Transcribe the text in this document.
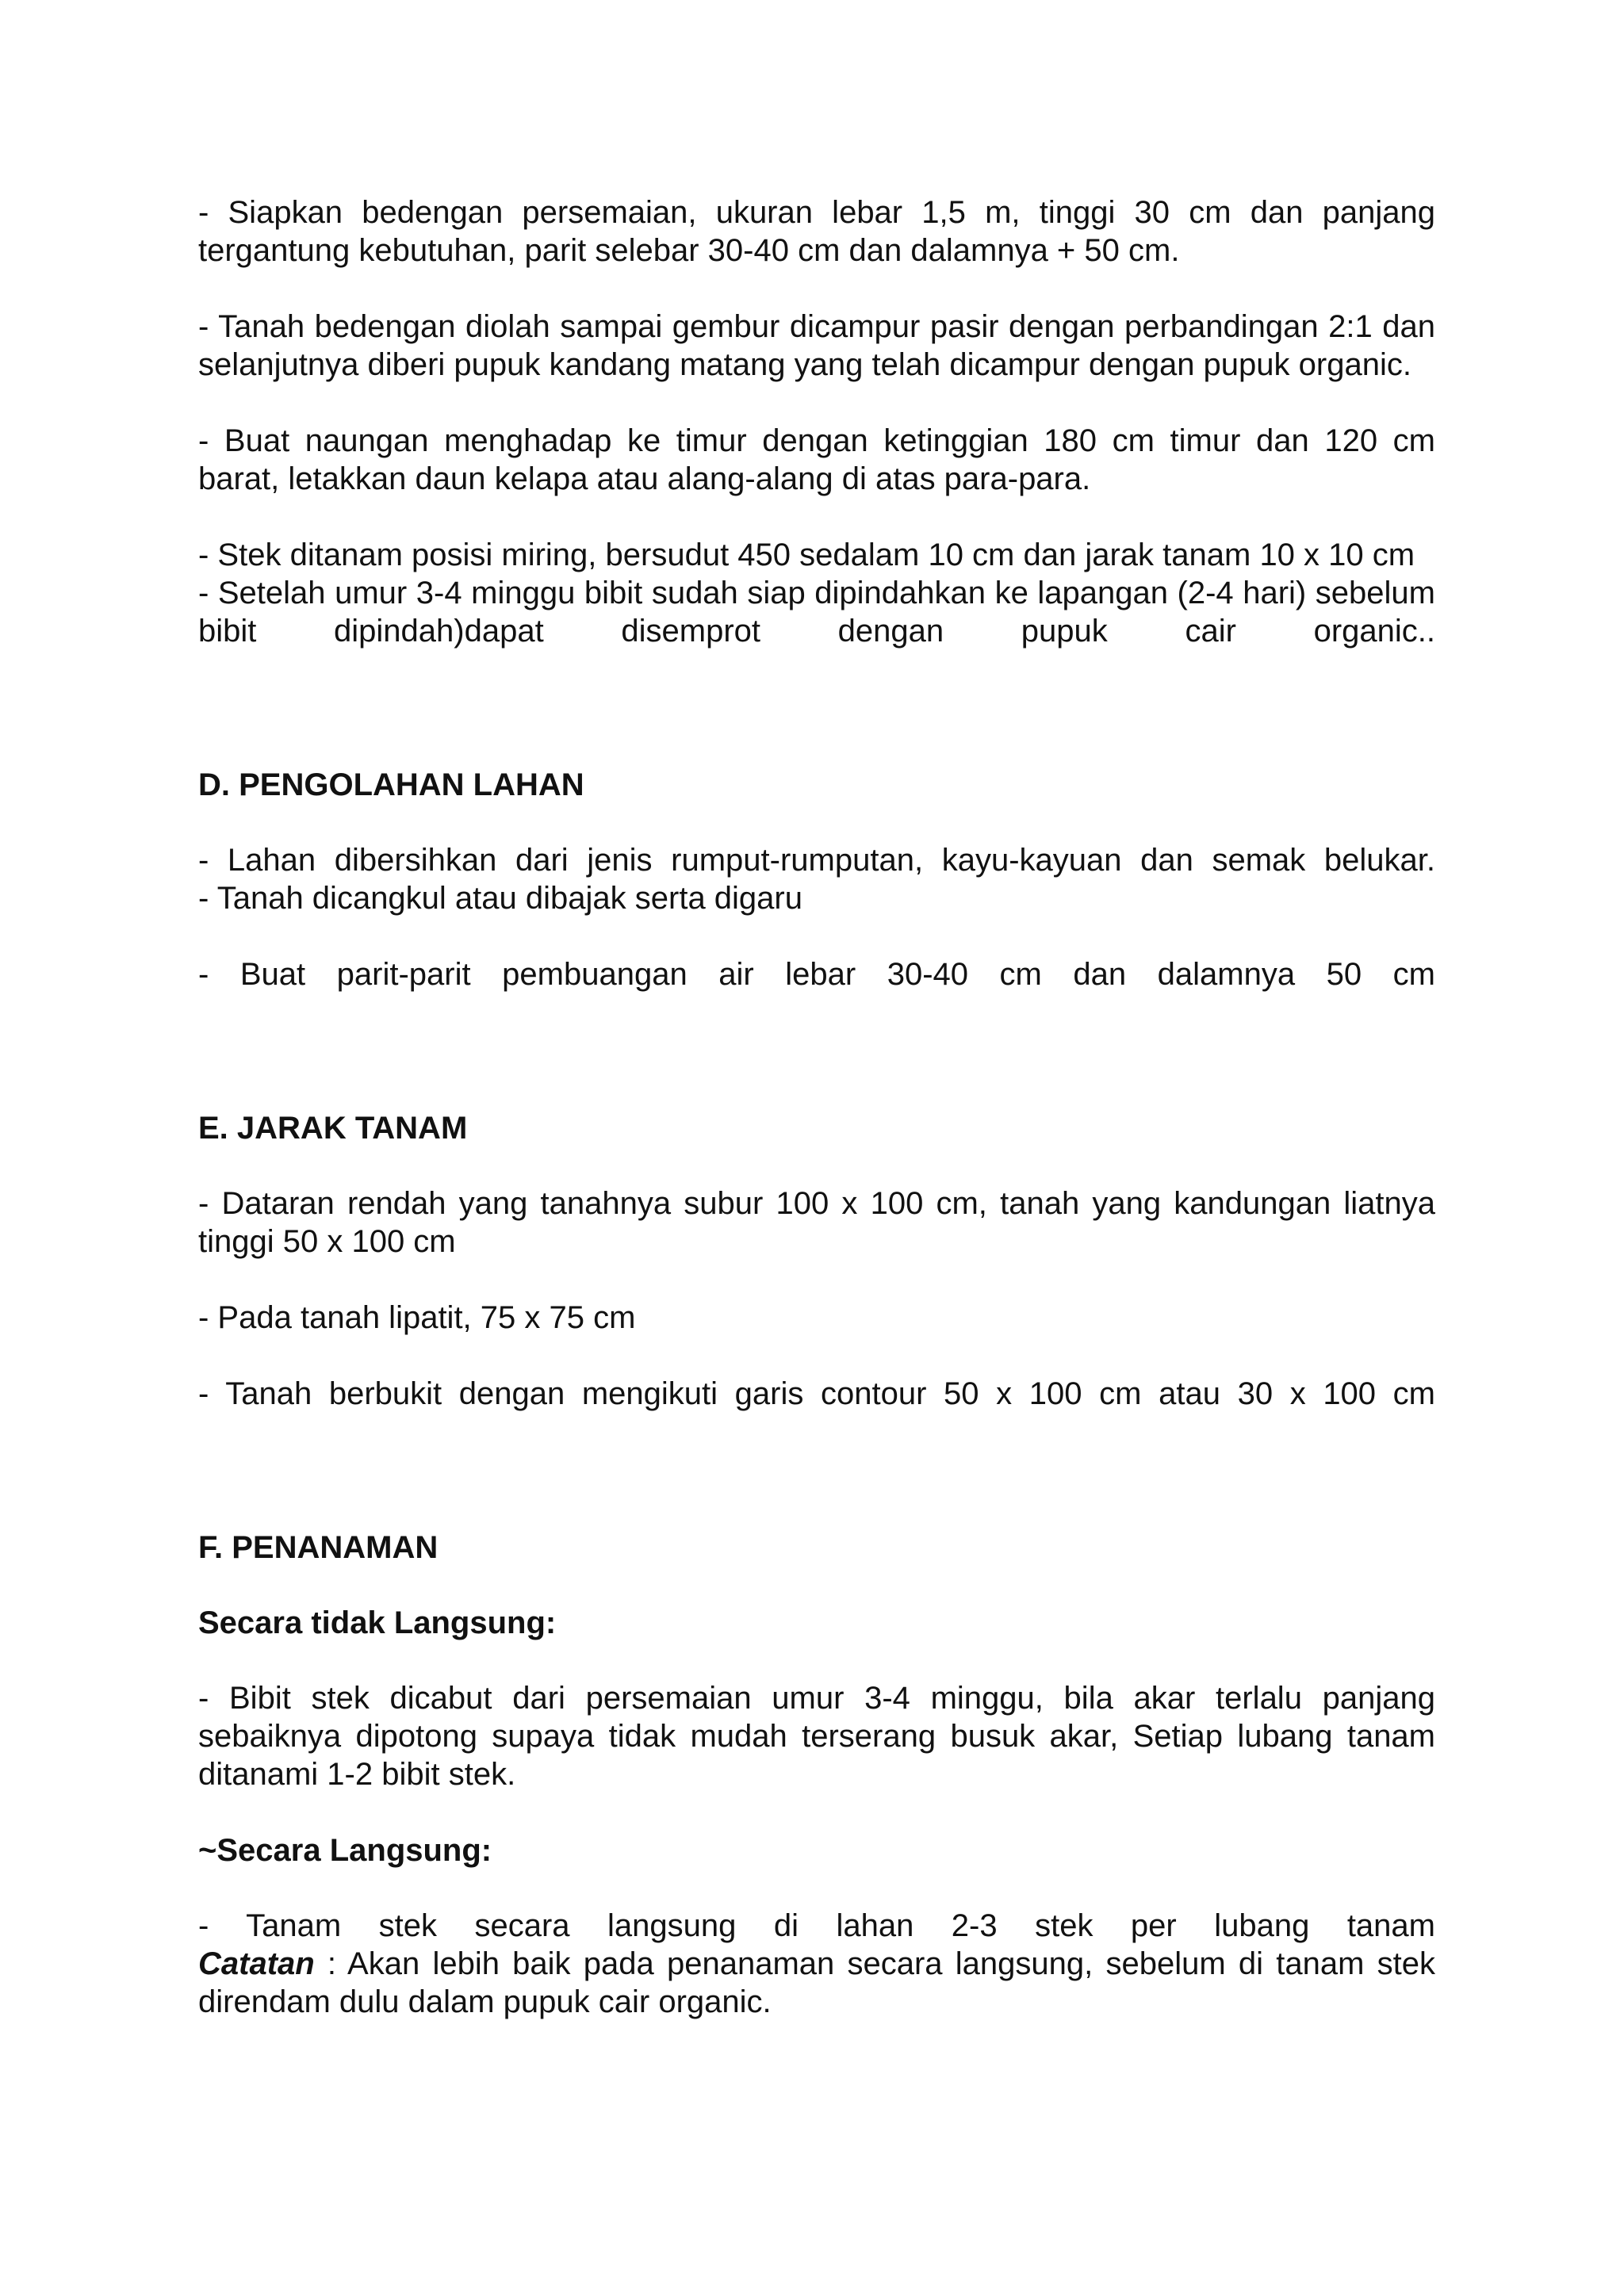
- Siapkan bedengan persemaian, ukuran lebar 1,5 m, tinggi 30 cm dan panjang tergantung kebutuhan, parit selebar 30-40 cm dan dalamnya + 50 cm.

- Tanah bedengan diolah sampai gembur dicampur pasir dengan perbandingan 2:1 dan selanjutnya diberi pupuk kandang matang yang telah dicampur dengan pupuk organic.

- Buat naungan menghadap ke timur dengan ketinggian 180 cm timur dan 120 cm barat, letakkan daun kelapa atau alang-alang di atas para-para.

- Stek ditanam posisi miring, bersudut 450 sedalam 10 cm dan jarak tanam 10 x 10 cm

- Setelah umur 3-4 minggu bibit sudah siap dipindahkan ke lapangan (2-4 hari) sebelum bibit dipindah)dapat disemprot dengan pupuk cair organic..

D. PENGOLAHAN LAHAN

- Lahan dibersihkan dari jenis rumput-rumputan, kayu-kayuan dan semak belukar.

- Tanah dicangkul atau dibajak serta digaru

- Buat parit-parit pembuangan air lebar 30-40 cm dan dalamnya 50 cm

E. JARAK TANAM

- Dataran rendah yang tanahnya subur 100 x 100 cm, tanah yang kandungan liatnya tinggi 50 x 100 cm

- Pada tanah lipatit, 75 x 75 cm

- Tanah berbukit dengan mengikuti garis contour 50 x 100 cm atau 30 x 100 cm

F. PENANAMAN
Secara tidak Langsung:

- Bibit stek dicabut dari persemaian umur 3-4 minggu, bila akar terlalu panjang sebaiknya dipotong supaya tidak mudah terserang busuk akar, Setiap lubang tanam ditanami 1-2 bibit stek.

~Secara Langsung:

- Tanam stek secara langsung di lahan 2-3 stek per lubang tanam

Catatan : Akan lebih baik pada penanaman secara langsung, sebelum di tanam stek direndam dulu dalam pupuk cair organic.
